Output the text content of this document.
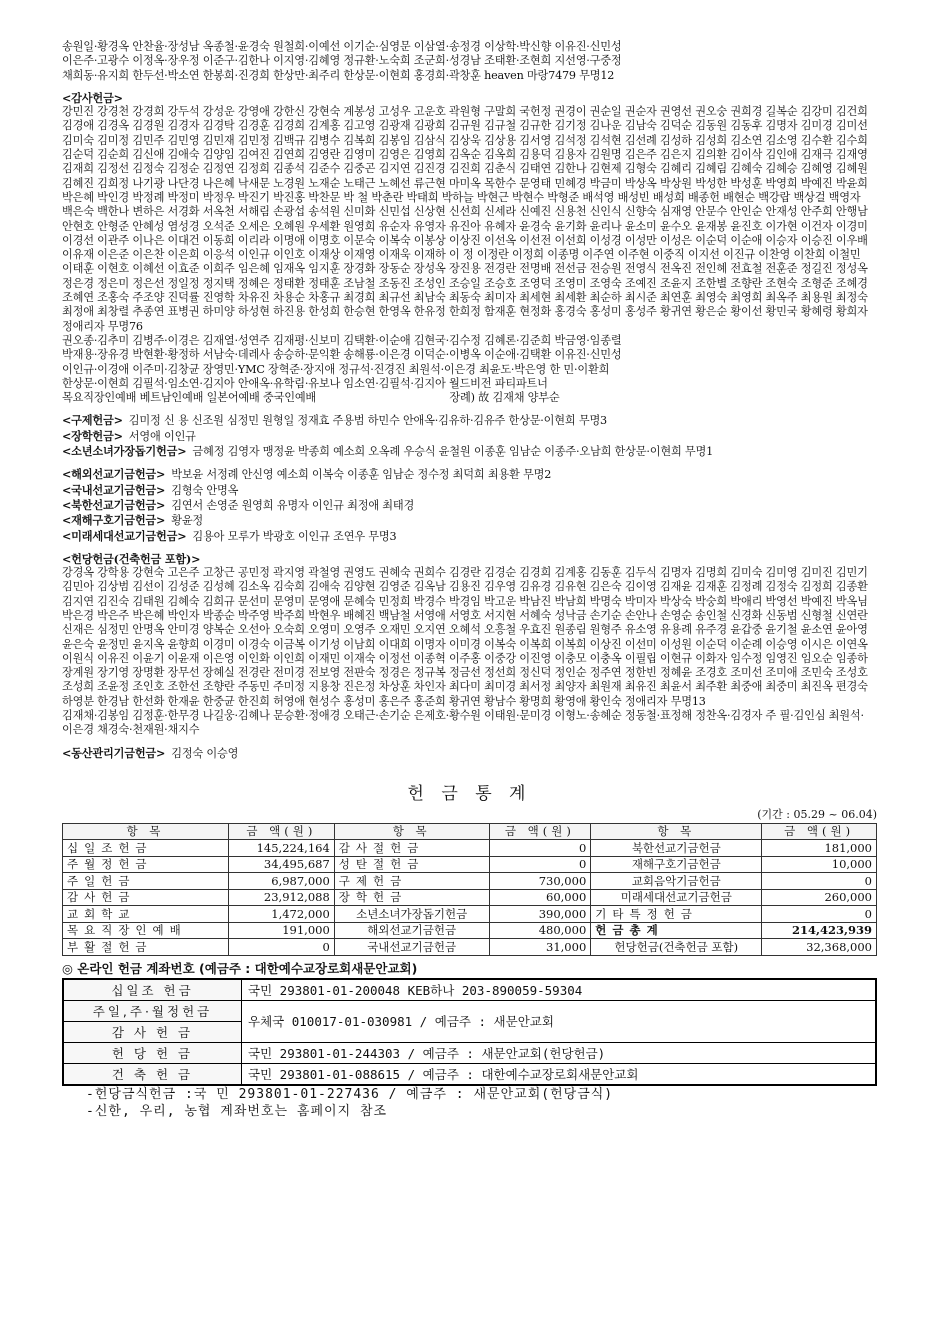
송원일·황경옥 안찬율·장성남 옥종철·윤경숙 원철희·이예선 이기순·심영문 이삼열·송정경 이상학·박신향 이유진·신민성

이은주·고광수 이정옥·장우정 이준구·김한나 이지영·김혜영 정규환·노숙희 조군희·성경남 조태환·조현희 지선영·구중정

채희동·유지희 한두선·박소연 한봉희·진경희 한상만·최주리 한상문·이현희 홍경희·곽창훈 heaven 마랑7479 무명12

<감사헌금>

강민진 강경천 강경희 강두석 강성운 강영애 강한신 강현숙 계봉성 고성우 고운호 곽원형 구말희 국헌정 권경이 권순일 권순자 권영선 권오숭 권희경 길복순 김강미 김건희 김경애 김경옥 김경원 김경자 김경탁 김경훈 김경희 김계홍 김고영 김광재 김광희 김규원 김규철 김규한 김기정 김나운 김남숙 김덕순 김동원 김동후 김명자 김미경 김미선 김미숙 김미정 김민주 김민영 김민재 김민정 김백규 김병수 김복희 김봉임 김삼식 김상욱 김상용 김서영 김석정 김석현 김선례 김성하 김성희 김소연 김소영 김수환 김수희 김순덕 김순희 김신애 김애숙 김양임 김여진 김연희 김영란 김영미 김영은 김영희 김옥순 김옥희 김용덕 김용자 김원명 김은주 김은지 김의환 김이삭 김인애 김재극 김재영 김재희 김정선 김정숙 김정순 김정연 김정희 김종석 김준수 김중곤 김지연 김진경 김진희 김춘식 김태연 김한나 김현제 김형숙 김혜리 김혜림 김혜숙 김혜승 김혜영 김혜원 김혜진 김희정 나기광 나단경 나은혜 낙새문 노경원 노재순 노태근 노혜선 류근현 마미옥 목한수 문영태 민혜경 박금미 박상옥 박상원 박성한 박성훈 박영희 박예진 박윤희 박은혜 박인경 박정례 박정미 박정우 박진기 박진홍 박찬문 박 철 박춘란 박태희 박하늘 박현근 박현수 박형준 배석영 배성빈 배성희 배종헌 배현순 백강랍 백상걸 백영자 백은숙 백한나 변하은 서경화 서옥천 서해림 손광섭 송석원 신미화 신민섭 신상현 신선희 신세라 신예진 신용천 신인식 신향숙 심재영 안문수 안인순 안재성 안주희 안행남 안현호 안형준 안혜성 염성경 오석준 오세은 오혜원 우세환 원영희 유순자 유영자 유진아 유혜자 윤경숙 윤기화 윤리나 윤소미 윤수오 윤재봉 윤진호 이가현 이건자 이경미 이경선 이관주 이나은 이대건 이동희 이리라 이명애 이명호 이문숙 이복숙 이봉상 이상진 이선옥 이선전 이선희 이성경 이성만 이성은 이순덕 이순애 이승자 이승진 이우배 이유재 이은준 이은찬 이은희 이응석 이인규 이인호 이재상 이재영 이재욱 이재하 이 정 이정란 이정희 이종명 이주연 이주현 이중직 이지선 이진규 이찬영 이찬희 이철민 이태훈 이현호 이혜선 이효준 이희주 임은혜 임재옥 임지훈 장경화 장동순 장성옥 장진용 전경란 전명배 전선금 전승원 전영식 전옥진 전인혜 전효철 전훈준 정길진 정성옥 정은경 정은미 정은선 정일정 정지택 정혜은 정태환 정태훈 조남철 조동진 조성인 조승일 조승호 조영덕 조영미 조영숙 조예진 조윤지 조한별 조향란 조현숙 조형준 조혜경 조혜연 조홍숙 주조양 진덕률 진영학 차유진 차용순 차홍규 최경희 최규선 최남숙 최동숙 최미자 최세현 최세환 최순하 최시준 최연훈 최영숙 최영희 최옥주 최용원 최정숙 최정애 최창렬 추종연 표병권 하미양 하성현 하진용 한성희 한승현 한영옥 한유정 한희정 함재훈 현정화 홍경숙 홍성미 홍성주 황귀연 황은순 황이선 황민국 황혜령 황희자 정애리자 무명76

권오종·김추미 김병주·이경은 김재열·성연주 김재평·신보미 김택환·이순애 김현국·김수정 김혜론·김준희 박금영·임종렬

박재용·장유경 박현환·황정하 서남숙·데레사 송승하·문익환 송해룡·이은경 이덕순·이병옥 이순애·김택환 이유진·신민성

이인규·이경애 이주미·김창균 장영민·YMC 장혁준·장지애 정규석·진경진 최원석·이은경 최윤도·박은영 한 민·이환희

한상문·이현희 김필석·임소연·김지아 안애옥·유학림·유보나 임소연·김필석·김지아 월드비전 파티파트너

목요직장인예배 베트남인예배 일본어예배 중국인예배	장례) 故 김재채 양부순

<구제헌금> 김미정 신 용 신조원 심정민 원형일 정재효 주용범 하민수 안애옥·김유하·김유주 한상문·이현희 무명3

<장학헌금> 서영애 이인규

<소년소녀가장돕기헌금> 금혜정 김영자 맹정윤 박종희 예소희 오옥례 우승식 윤철원 이종훈 임남순 이종주·오남희 한상문·이현희 무명1

<해외선교기금헌금> 박보윤 서정례 안신영 예소희 이복숙 이종훈 임남순 정수정 최덕희 최용환 무명2

<국내선교기금헌금> 김형숙 안명옥

<북한선교기금헌금> 김연서 손영준 원영희 유명자 이인규 최정애 최태경

<재해구호기금헌금> 황윤정

<미래세대선교기금헌금> 김용아 모루가 박광호 이인규 조연우 무명3

<헌당헌금(건축헌금 포함)>

강경옥 강학용 강현숙 고은주 고창근 공민정 곽지영 곽철영 권영도 권혜숙 권희수 김경란 김경순 김경희 김계홍 김동훈 김두식 김명자 김명희 김미숙 김미영 김미진 김민기 김민아 김상범 김선이 김성준 김성혜 김소옥 김숙희 김애숙 김양현 김영준 김옥남 김용진 김우영 김유경 김유현 김은숙 김이영 김재윤 김재훈 김정례 김정숙 김정희 김종환 김지연 김진숙 김태원 김혜숙 김희규 문선미 문영미 문영애 문혜숙 민정희 박경수 박경임 박고운 박남진 박남희 박명숙 박미자 박상숙 박숭희 박애리 박영선 박예진 박옥님 박은경 박은주 박은혜 박인자 박종순 박주영 박주희 박현우 배혜진 백남철 서영애 서영호 서지현 서혜숙 성낙금 손기순 손안나 손영순 송인철 신경화 신동범 신형철 신연란 신재은 심정민 안명옥 안미경 양복순 오선아 오숙희 오영미 오영주 오재민 오지연 오혜석 오흥철 우효진 원종림 원형주 유소영 유용례 유주경 윤갑중 윤기철 윤소연 윤아영 윤은숙 윤정민 윤지옥 윤향희 이경미 이경숙 이금복 이기성 이남희 이대희 이명자 이미경 이복숙 이복희 이복희 이상진 이선미 이성원 이순덕 이순례 이승영 이시은 이연옥 이원식 이유진 이윤기 이윤재 이은영 이인화 이인희 이재민 이재숙 이정선 이종혁 이주홍 이중강 이진영 이충모 이충옥 이필립 이현규 이화자 임수정 임영진 임오순 임종하 장계원 장기영 장명환 장무선 장혜실 전경란 전미경 전보영 전판숙 정경은 정규복 정금선 정선희 정신덕 정인순 정주연 정한빈 정혜윤 조경호 조미선 조미애 조민숙 조성호 조성희 조윤정 조인호 조한선 조향란 주동민 주미정 지용창 진은정 차상훈 차인자 최다미 최미경 최서정 최양자 최원재 최유진 최윤서 최주환 최중애 최중미 최진옥 편경숙 하영분 한경남 한선화 한재윤 한중균 한진희 허영애 현성수 홍성미 홍은주 홍준희 황귀연 황남수 황명희 황영애 황인숙 정애리자 무명13

김재채·김봉임 김정훈·한무경 나길웅·김혜나 문승환·정애경 오태근·손기순 은제호·황수원 이태원·문미경 이형노·송혜순 정동철·표정해 정찬옥·김경자 주 필·김인심 최원석·이은경 채경숙·천재원·채지수

<동산관리기금헌금> 김정숙 이승영

헌 금 통 계
(기간 : 05.29 ~ 06.04)
항 목	금 액(원)	항 목	금 액(원)	항 목	금 액(원)
십일조헌금	145,224,164	감사절헌금	0	북한선교기금헌금	181,000
주월정헌금	34,495,687	성탄절헌금	0	재해구호기금헌금	10,000
주일헌금	6,987,000	구제헌금	730,000	교회음악기금헌금	0
감사헌금	23,912,088	장학헌금	60,000	미래세대선교기금헌금	260,000
교회학교	1,472,000	소년소녀가장돕기헌금	390,000	기타특정헌금	0
목요직장인예배	191,000	해외선교기금헌금	480,000	헌금총계	214,423,939
부활절헌금	0	국내선교기금헌금	31,000	헌당헌금(건축헌금 포함)	32,368,000
◎ 온라인 헌금 계좌번호 (예금주 : 대한예수교장로회새문안교회)
십일조 헌금	국민 293801-01-200048 KEB하나 203-890059-59304
주일,주·월정헌금	우체국 010017-01-030981 / 예금주 : 새문안교회
감 사 헌 금	
헌 당 헌 금	국민 293801-01-244303 / 예금주 : 새문안교회(헌당헌금)
건 축 헌 금	국민 293801-01-088615 / 예금주 : 대한예수교장로회새문안교회
-헌당금식헌금 :국 민 293801-01-227436 / 예금주 : 새문안교회(헌당금식)
-신한, 우리, 농협 계좌번호는 홈페이지 참조
